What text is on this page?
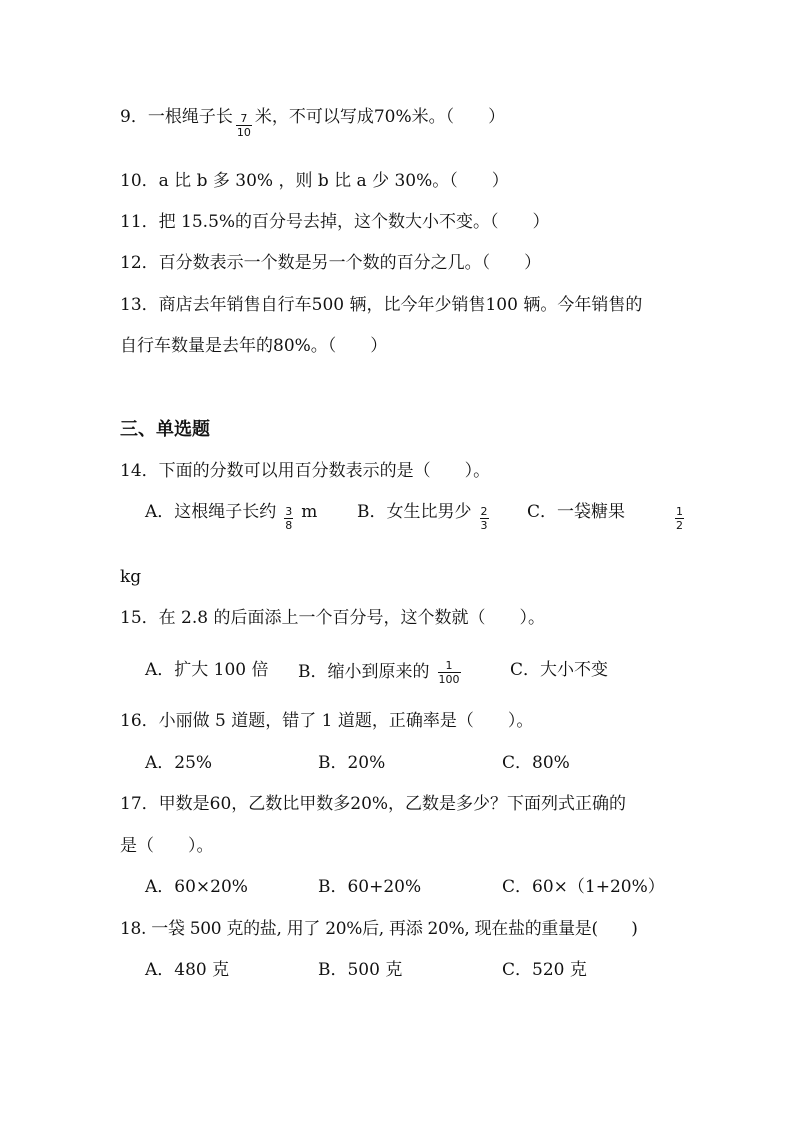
9．一根绳子长 $\frac{7}{10}$ 米，不可以写成70%米。（　　）
10．a 比 b 多 30% ，则 b 比 a 少 30%。（　　）
11．把 15.5%的百分号去掉，这个数大小不变。（　　）
12．百分数表示一个数是另一个数的百分之几。（　　）
13．商店去年销售自行车500 辆，比今年少销售100 辆。今年销售的
自行车数量是去年的80%。（　　）
三、单选题
14．下面的分数可以用百分数表示的是（　　）。
A．这根绳子长约 $\frac{3}{8}$ m B．女生比男少 $\frac{2}{3}$ C．一袋糖果	$\frac{1}{2}$
kg
15．在 2.8 的后面添上一个百分号，这个数就（　　）。
A．扩大 100 倍 B．缩小到原来的 $\frac{1}{100}$	C．大小不变
16．小丽做 5 道题，错了 1 道题，正确率是（　　）。
A．25%	B．20%	C．80%
17．甲数是60，乙数比甲数多20%，乙数是多少？下面列式正确的
是（　　）。
A．60×20%	B．60+20%	C．60×（1+20%）
18. 一袋 500 克的盐, 用了 20%后, 再添 20%, 现在盐的重量是(　　)
A．480 克	B．500 克	C．520 克
